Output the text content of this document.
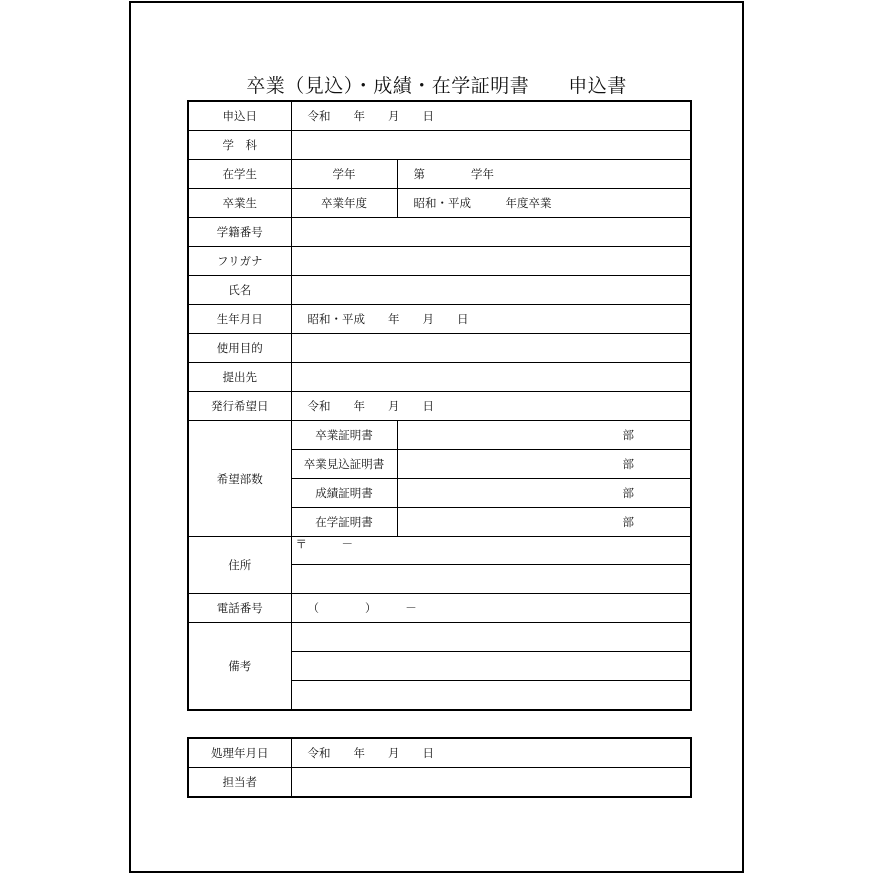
卒業（見込）・成績・在学証明書　　申込書
申込日	令和　　年　　月　　日	
学　科		
在学生	学年	第　　　　学年
卒業生	卒業年度	昭和・平成　　　年度卒業
学籍番号		
フリガナ		
氏名		
生年月日	昭和・平成　　年　　月　　日	
使用目的		
提出先		
発行希望日	令和　　年　　月　　日	
希望部数	卒業証明書	部
	卒業見込証明書	部
	成績証明書	部
	在学証明書	部
住所	〒　　　－	

電話番号	（　　　　）　　　－	
備考		

処理年月日	令和　　年　　月　　日
担当者	
